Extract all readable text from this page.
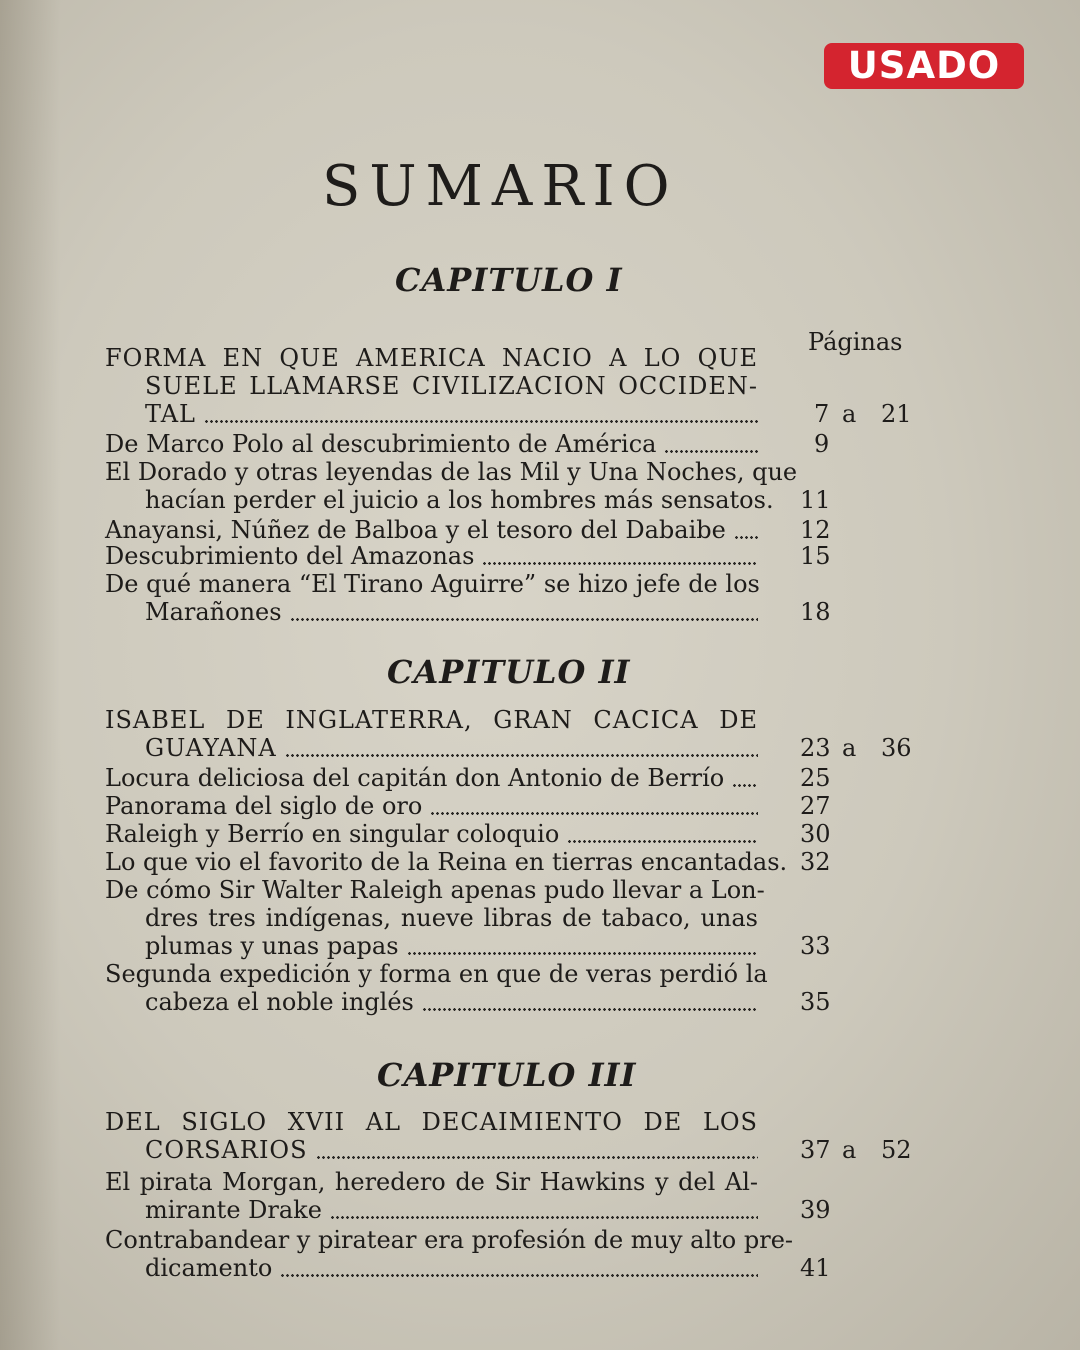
USADO
SUMARIO
Páginas
CAPITULO I
FORMA EN QUE AMERICA NACIO A LO QUE
SUELE LLAMARSE CIVILIZACION OCCIDEN-
TAL	7 a 21
De Marco Polo al descubrimiento de América	9
El Dorado y otras leyendas de las Mil y Una Noches, que
hacían perder el juicio a los hombres más sensatos. 11
Anayansi, Núñez de Balboa y el tesoro del Dabaibe	12
Descubrimiento del Amazonas	15
De qué manera “El Tirano Aguirre” se hizo jefe de los
Marañones	18
CAPITULO II
ISABEL DE INGLATERRA, GRAN CACICA DE
GUAYANA	23 a 36
Locura deliciosa del capitán don Antonio de Berrío	25
Panorama del siglo de oro	27
Raleigh y Berrío en singular coloquio	30
Lo que vio el favorito de la Reina en tierras encantadas. 32
De cómo Sir Walter Raleigh apenas pudo llevar a Lon-
dres tres indígenas, nueve libras de tabaco, unas
plumas y unas papas	33
Segunda expedición y forma en que de veras perdió la
cabeza el noble inglés	35
CAPITULO III
DEL SIGLO XVII AL DECAIMIENTO DE LOS
CORSARIOS	37 a 52
El pirata Morgan, heredero de Sir Hawkins y del Al-
mirante Drake	39
Contrabandear y piratear era profesión de muy alto pre-
dicamento	41
